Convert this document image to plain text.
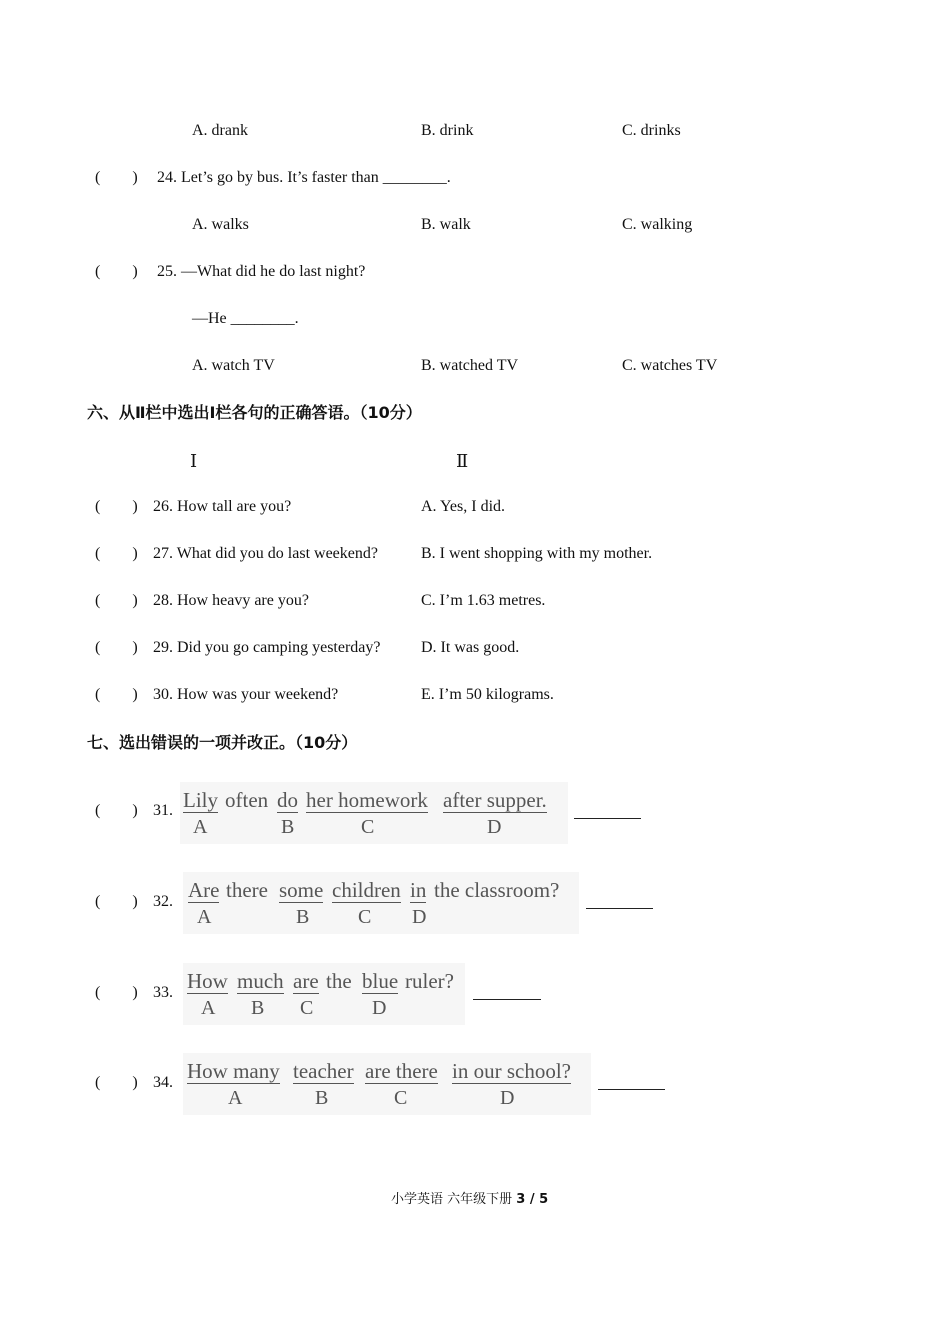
A. drank	B. drink	C. drinks
(　　) 24. Let’s go by bus. It’s faster than ________.
A. walks	B. walk	C. walking
(　　) 25. —What did he do last night?
—He ________.
A. watch TV	B. watched TV	C. watches TV
六、从Ⅱ栏中选出Ⅰ栏各句的正确答语。（10分）
Ⅰ	Ⅱ
(　　) 26. How tall are you?	A. Yes, I did.
(　　) 27. What did you do last weekend?	B. I went shopping with my mother.
(　　) 28. How heavy are you?	C. I’m 1.63 metres.
(　　) 29. Did you go camping yesterday?	D. It was good.
(　　) 30. How was your weekend?	E. I’m 50 kilograms.
七、选出错误的一项并改正。（10分）
(　　) 31. Lily often do her homework after supper.
A	B	C	D
(　　) 32. Are there some children in the classroom?
A	B C D
(　　) 33. How much are the blue ruler?
A B C	D
(　　) 34. How many teacher are there in our school?
A	B	C	D
小学英语 六年级下册 3 / 5
